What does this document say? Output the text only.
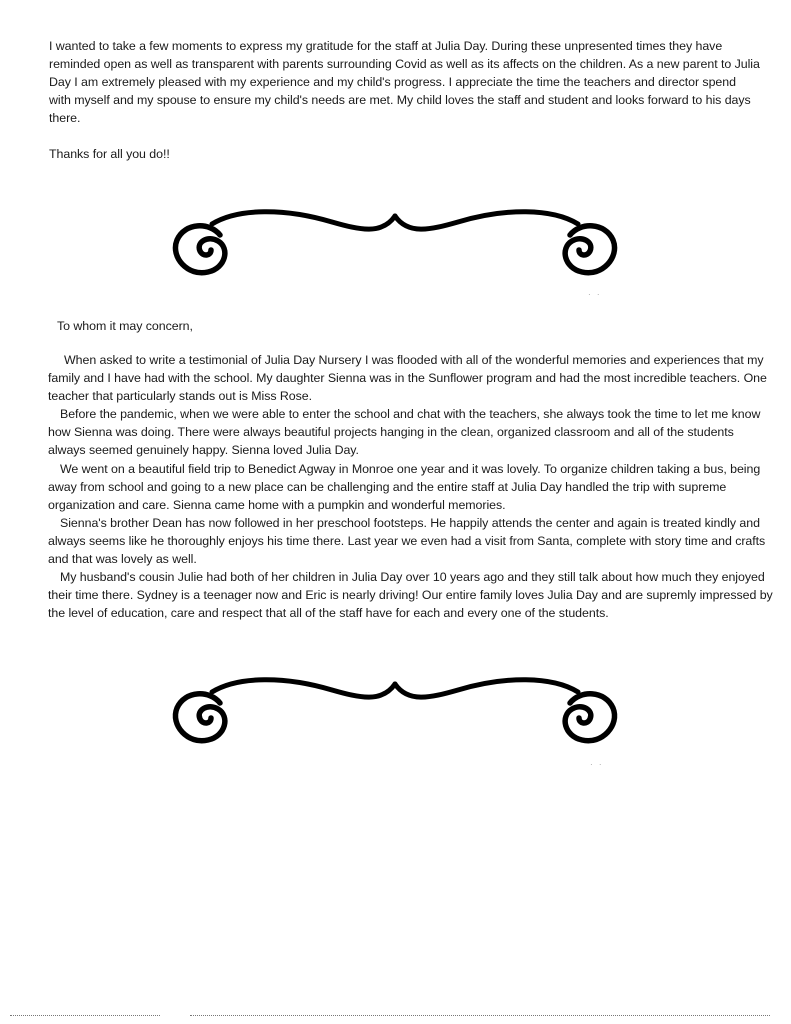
I wanted to take a few moments to express my gratitude for the staff at Julia Day. During these unpresented times they have reminded open as well as transparent with parents surrounding Covid as well as its affects on the children. As a new parent to Julia Day I am extremely pleased with my experience and my child's progress. I appreciate the time the teachers and director spend with myself and my spouse to ensure my child's needs are met. My child loves the staff and student and looks forward to his days there.

Thanks for all you do!!
· ·
To whom it may concern,

When asked to write a testimonial of Julia Day Nursery I was flooded with all of the wonderful memories and experiences that my family and I have had with the school. My daughter Sienna was in the Sunflower program and had the most incredible teachers. One teacher that particularly stands out is Miss Rose.

Before the pandemic, when we were able to enter the school and chat with the teachers, she always took the time to let me know how Sienna was doing. There were always beautiful projects hanging in the clean, organized classroom and all of the students always seemed genuinely happy. Sienna loved Julia Day.

We went on a beautiful field trip to Benedict Agway in Monroe one year and it was lovely. To organize children taking a bus, being away from school and going to a new place can be challenging and the entire staff at Julia Day handled the trip with supreme organization and care. Sienna came home with a pumpkin and wonderful memories.

Sienna's brother Dean has now followed in her preschool footsteps. He happily attends the center and again is treated kindly and always seems like he thoroughly enjoys his time there. Last year we even had a visit from Santa, complete with story time and crafts and that was lovely as well.

My husband's cousin Julie had both of her children in Julia Day over 10 years ago and they still talk about how much they enjoyed their time there. Sydney is a teenager now and Eric is nearly driving! Our entire family loves Julia Day and are supremly impressed by the level of education, care and respect that all of the staff have for each and every one of the students.

· ·
